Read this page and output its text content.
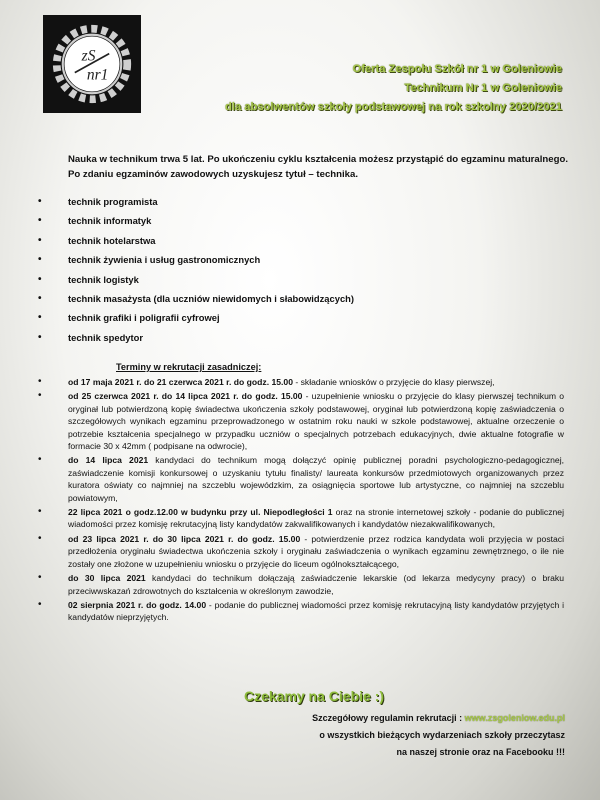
zS
nr1	Oferta Zespołu Szkół nr 1 w Goleniowie
Technikum Nr 1 w Goleniowie
dla absolwentów szkoły podstawowej na rok szkolny 2020/2021

Nauka w technikum trwa 5 lat. Po ukończeniu cyklu kształcenia możesz przystąpić do egzaminu maturalnego. Po zdaniu egzaminów zawodowych uzyskujesz tytuł – technika.

•	technik programista
•	technik informatyk
•	technik hotelarstwa
•	technik żywienia i usług gastronomicznych
•	technik logistyk
•	technik masażysta (dla uczniów niewidomych i słabowidzących)
•	technik grafiki i poligrafii cyfrowej
•	technik spedytor
Terminy w rekrutacji zasadniczej:
•	od 17 maja 2021 r. do 21 czerwca 2021 r. do godz. 15.00 - składanie wniosków o przyjęcie do klasy pierwszej,
•	od 25 czerwca 2021 r. do 14 lipca 2021 r. do godz. 15.00 - uzupełnienie wniosku o przyjęcie do klasy pierwszej technikum o oryginał lub potwierdzoną kopię świadectwa ukończenia szkoły podstawowej, oryginał lub potwierdzoną kopię zaświadczenia o szczegółowych wynikach egzaminu przeprowadzonego w ostatnim roku nauki w szkole podstawowej, aktualne orzeczenie o potrzebie kształcenia specjalnego w przypadku uczniów o specjalnych potrzebach edukacyjnych, dwie aktualne fotografie w formacie 30 x 42mm ( podpisane na odwrocie),
•	do 14 lipca 2021 kandydaci do technikum mogą dołączyć opinię publicznej poradni psychologiczno-pedagogicznej, zaświadczenie komisji konkursowej o uzyskaniu tytułu finalisty/ laureata konkursów przedmiotowych organizowanych przez kuratora oświaty co najmniej na szczeblu wojewódzkim, za osiągnięcia sportowe lub artystyczne, co najmniej na szczeblu powiatowym,
•	22 lipca 2021 o godz.12.00 w budynku przy ul. Niepodległości 1 oraz na stronie internetowej szkoły - podanie do publicznej wiadomości przez komisję rekrutacyjną listy kandydatów zakwalifikowanych i kandydatów niezakwalifikowanych,
•	od 23 lipca 2021 r. do 30 lipca 2021 r. do godz. 15.00 - potwierdzenie przez rodzica kandydata woli przyjęcia w postaci przedłożenia oryginału świadectwa ukończenia szkoły i oryginału zaświadczenia o wynikach egzaminu zewnętrznego, o ile nie zostały one złożone w uzupełnieniu wniosku o przyjęcie do liceum ogólnokształcącego,
•	do 30 lipca 2021 kandydaci do technikum dołączają zaświadczenie lekarskie (od lekarza medycyny pracy) o braku przeciwwskazań zdrowotnych do kształcenia w określonym zawodzie,
•	02 sierpnia 2021 r. do godz. 14.00 - podanie do publicznej wiadomości przez komisję rekrutacyjną listy kandydatów przyjętych i kandydatów nieprzyjętych.
Czekamy na Ciebie :)
Szczegółowy regulamin rekrutacji : www.zsgoleniow.edu.pl
o wszystkich bieżących wydarzeniach szkoły przeczytasz
na naszej stronie oraz na Facebooku !!!
